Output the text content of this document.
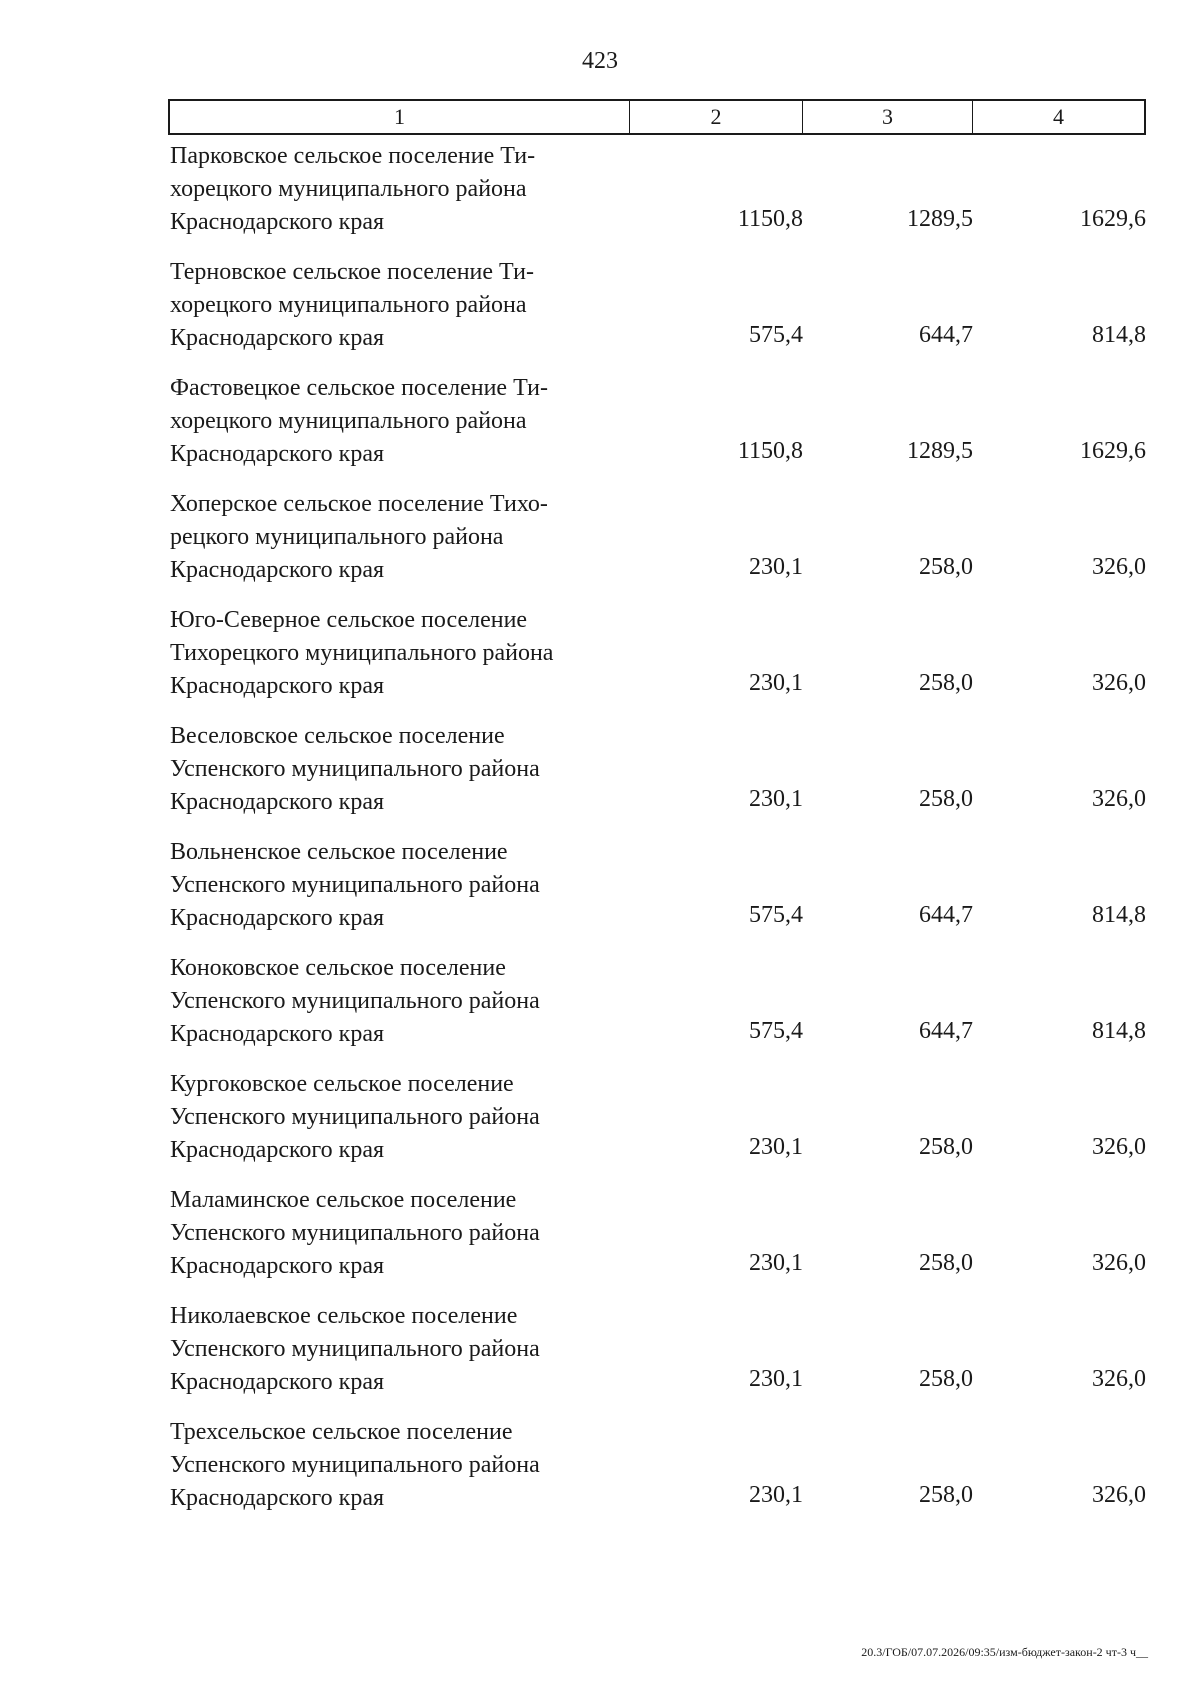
423
1	2	3	4
Парковское сельское поселение Ти-
хорецкого муниципального района
Краснодарского края	1150,8	1289,5	1629,6
Терновское сельское поселение Ти-
хорецкого муниципального района
Краснодарского края	575,4	644,7	814,8
Фастовецкое сельское поселение Ти-
хорецкого муниципального района
Краснодарского края	1150,8	1289,5	1629,6
Хоперское сельское поселение Тихо-
рецкого муниципального района
Краснодарского края	230,1	258,0	326,0
Юго-Северное сельское поселение
Тихорецкого муниципального района
Краснодарского края	230,1	258,0	326,0
Веселовское сельское поселение
Успенского муниципального района
Краснодарского края	230,1	258,0	326,0
Вольненское сельское поселение
Успенского муниципального района
Краснодарского края	575,4	644,7	814,8
Коноковское сельское поселение
Успенского муниципального района
Краснодарского края	575,4	644,7	814,8
Кургоковское сельское поселение
Успенского муниципального района
Краснодарского края	230,1	258,0	326,0
Маламинское сельское поселение
Успенского муниципального района
Краснодарского края	230,1	258,0	326,0
Николаевское сельское поселение
Успенского муниципального района
Краснодарского края	230,1	258,0	326,0
Трехсельское сельское поселение
Успенского муниципального района
Краснодарского края	230,1	258,0	326,0
20.3/ГОБ/07.07.2026/09:35/изм-бюджет-закон-2 чт-3 ч__
